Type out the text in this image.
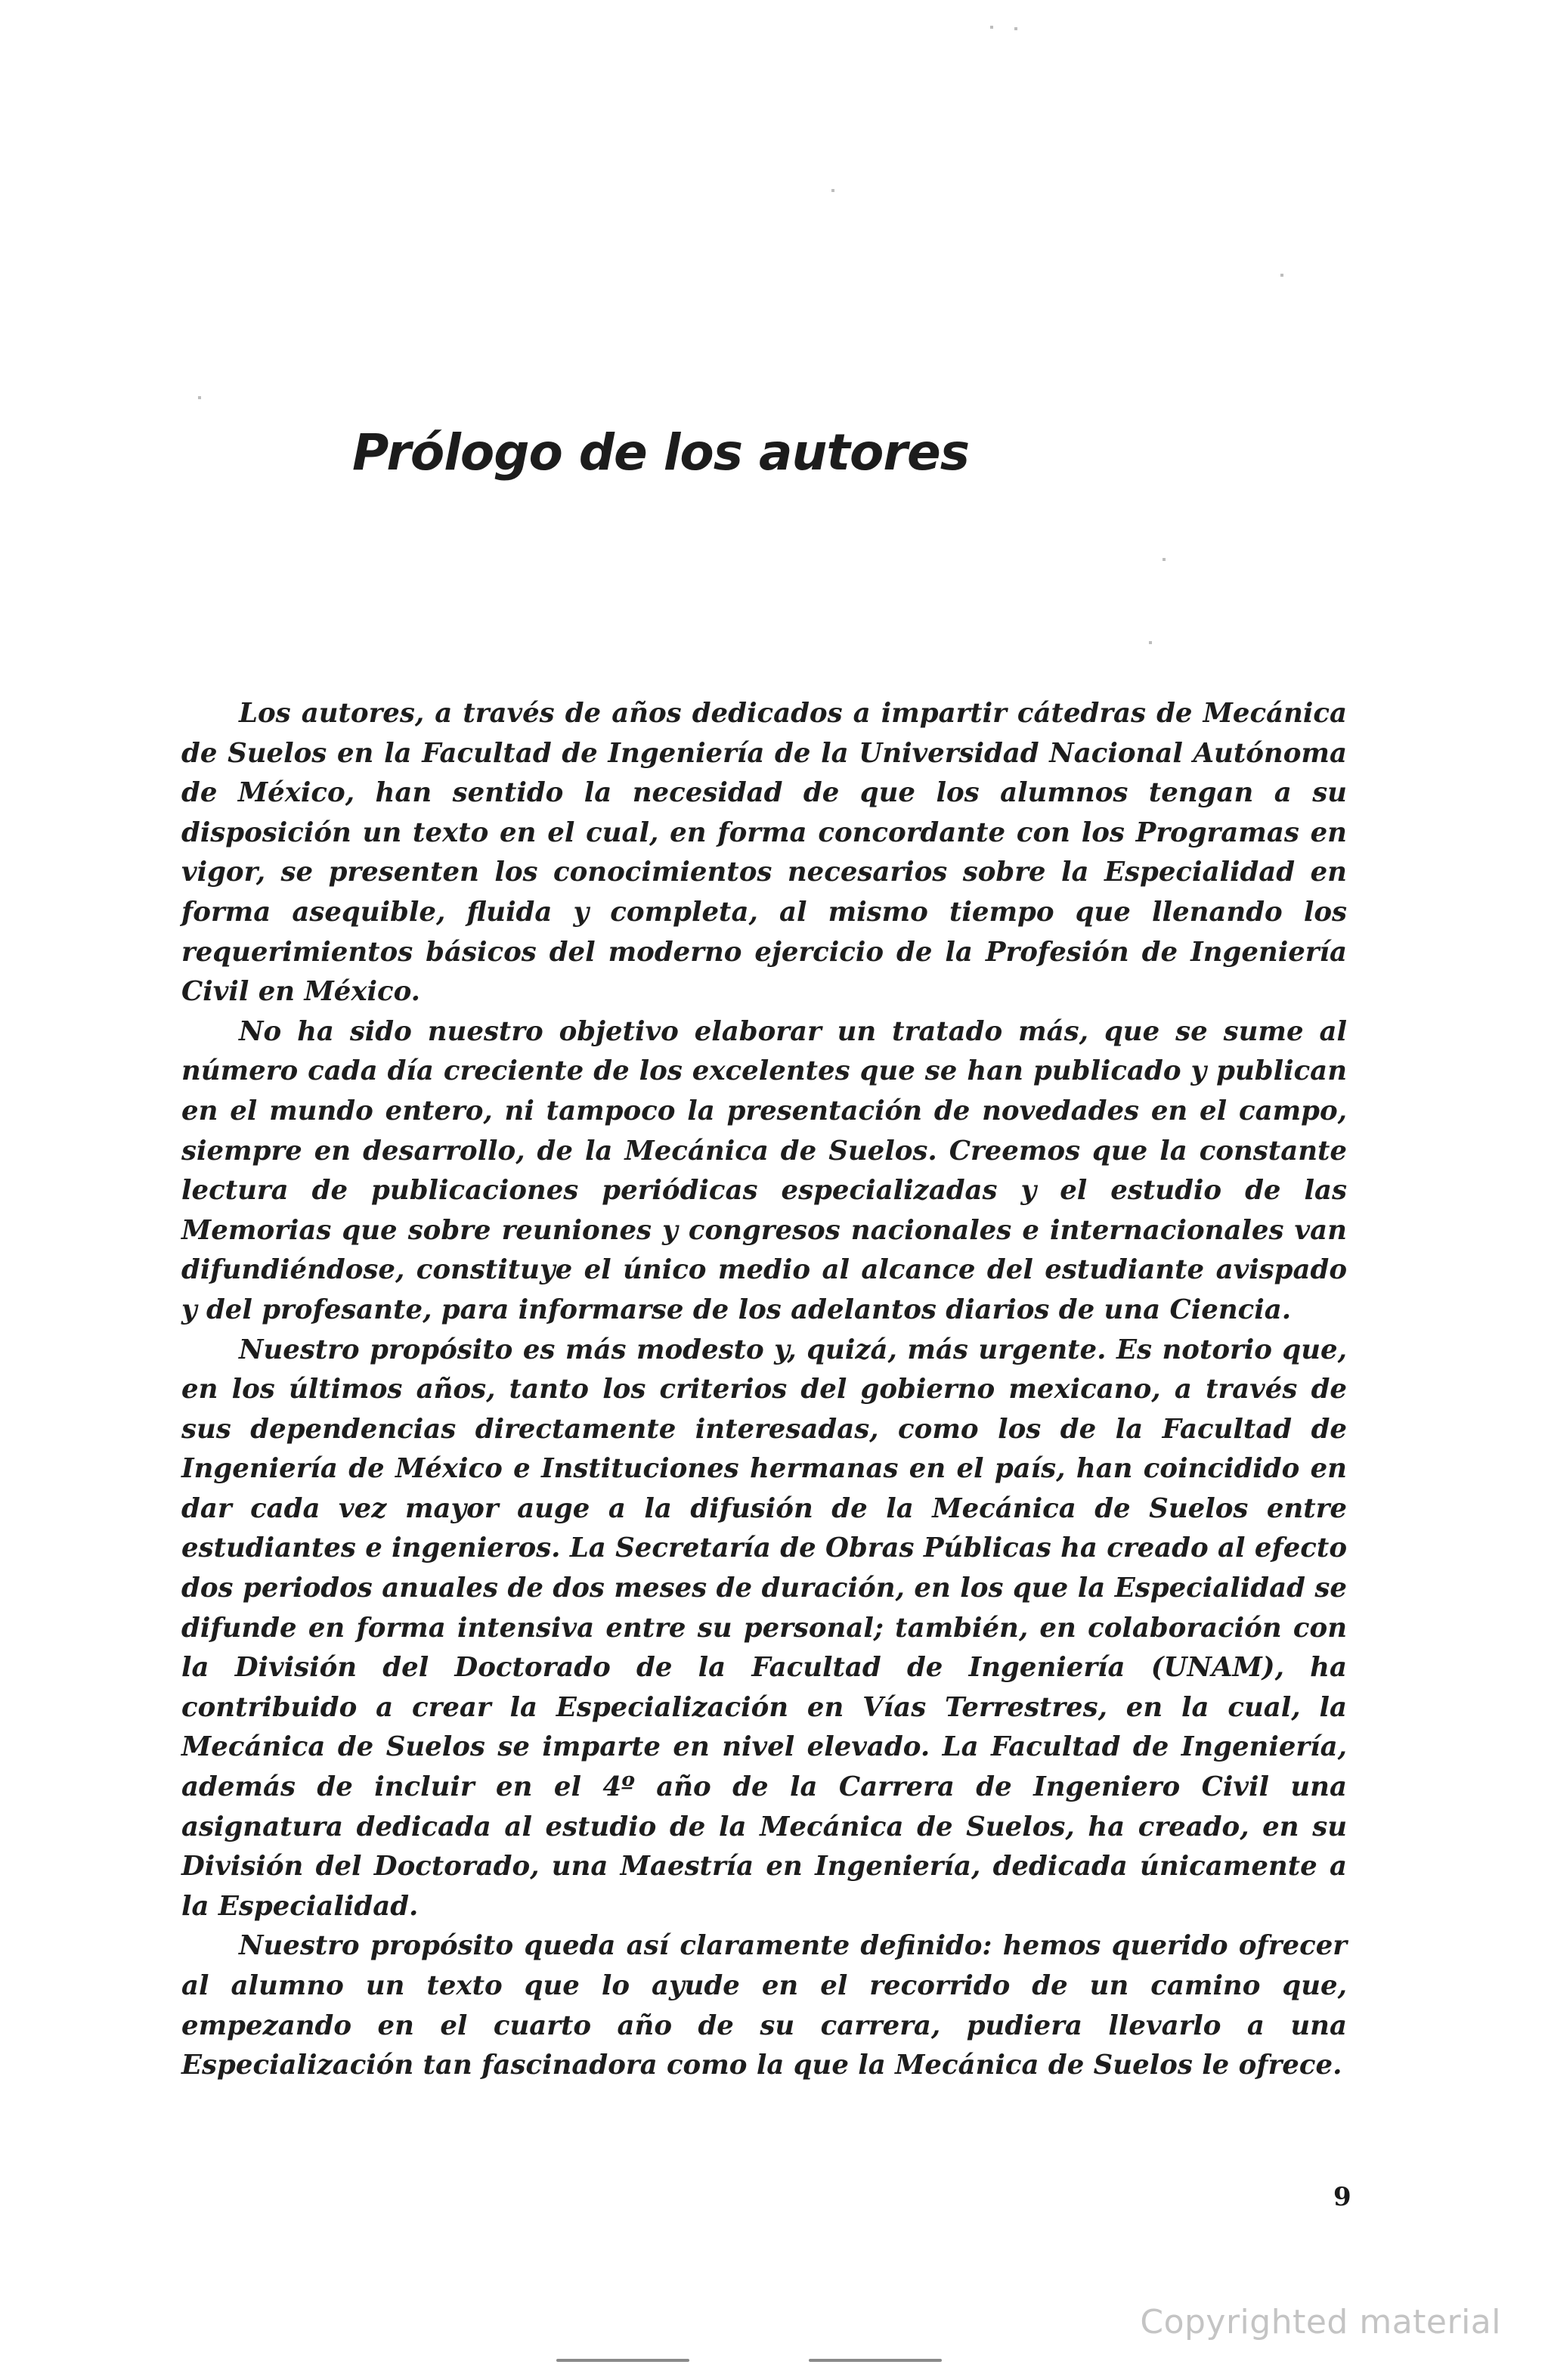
Prólogo de los autores

Los autores, a través de años dedicados a impartir cátedras de Mecánica de Suelos en la Facultad de Ingeniería de la Universidad Nacional Autónoma de México, han sentido la necesidad de que los alumnos tengan a su disposición un texto en el cual, en forma concordante con los Programas en vigor, se presenten los conocimientos necesarios sobre la Especialidad en forma asequible, fluida y completa, al mismo tiempo que llenando los requerimientos básicos del moderno ejercicio de la Profesión de Ingeniería Civil en México.

No ha sido nuestro objetivo elaborar un tratado más, que se sume al número cada día creciente de los excelentes que se han publicado y publican en el mundo entero, ni tampoco la presentación de novedades en el campo, siempre en desarrollo, de la Mecánica de Suelos. Creemos que la constante lectura de publicaciones periódicas especializadas y el estudio de las Memorias que sobre reuniones y congresos nacionales e internacionales van difundiéndose, constituye el único medio al alcance del estudiante avispado y del profesante, para informarse de los adelantos diarios de una Ciencia.

Nuestro propósito es más modesto y, quizá, más urgente. Es notorio que, en los últimos años, tanto los criterios del gobierno mexicano, a través de sus dependencias directamente interesadas, como los de la Facultad de Ingeniería de México e Instituciones hermanas en el país, han coincidido en dar cada vez mayor auge a la difusión de la Mecánica de Suelos entre estudiantes e ingenieros. La Secretaría de Obras Públicas ha creado al efecto dos periodos anuales de dos meses de duración, en los que la Especialidad se difunde en forma intensiva entre su personal; también, en colaboración con la División del Doctorado de la Facultad de Ingeniería (UNAM), ha contribuido a crear la Especialización en Vías Terrestres, en la cual, la Mecánica de Suelos se imparte en nivel elevado. La Facultad de Ingeniería, además de incluir en el 4º año de la Carrera de Ingeniero Civil una asignatura dedicada al estudio de la Mecánica de Suelos, ha creado, en su División del Doctorado, una Maestría en Ingeniería, dedicada únicamente a la Especialidad.

Nuestro propósito queda así claramente definido: hemos querido ofrecer al alumno un texto que lo ayude en el recorrido de un camino que, empezando en el cuarto año de su carrera, pudiera llevarlo a una Especialización tan fascinadora como la que la Mecánica de Suelos le ofrece.

9
Copyrighted material
